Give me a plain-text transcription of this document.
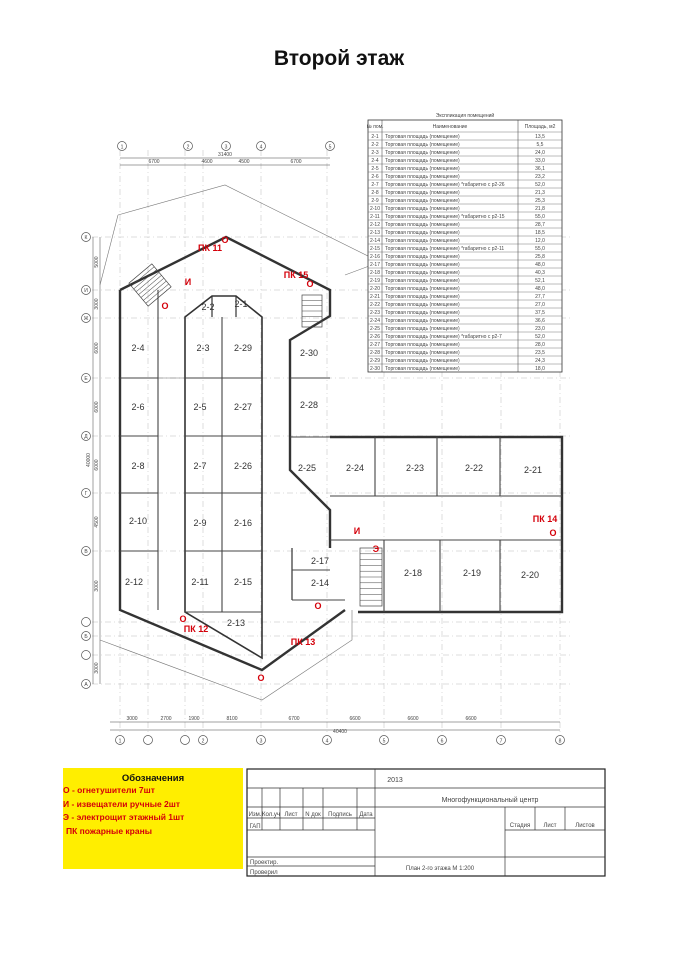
Второй этаж
1	2	3	4	5
1	2	3	4	5	6	7	8
К
И
Ж
Е
Д
Г
В
Б
А
31400
6700	4600	4500	6700
3000	2700	1900	8100	6700	6600	6600	6600
40400
5000
3000
6000
6000
6000
4500
3000
3000
40000
2-1
2-2
2-3
2-4
2-5
2-6
2-7
2-8
2-9
2-10
2-11
2-12
2-13
2-14
2-15
2-16
2-17
2-18	2-19	2-20
2-21
2-22
2-23
2-24
2-25
2-26
2-27	2-28
2-29	2-30
ПК 11
О
И
О
ПК 15
О
И
Э
ПК 14
О
О
ПК 12
О
ПК 13
О
Экспликация помещений
№ пом.	Наименование	Площадь, м2
2-1 Торговая площадь (помещение)	13,5
2-2 Торговая площадь (помещение)	5,5
2-3 Торговая площадь (помещение)	24,0
2-4 Торговая площадь (помещение)	33,0
2-5 Торговая площадь (помещение)	36,1
2-6 Торговая площадь (помещение)	23,2
2-7 Торговая площадь (помещение) *габаритно с р2-26	52,0
2-8 Торговая площадь (помещение)	21,3
2-9 Торговая площадь (помещение)	25,3
2-10 Торговая площадь (помещение)	21,8
2-11 Торговая площадь (помещение) *габаритно с р2-15	55,0
2-12 Торговая площадь (помещение)	28,7
2-13 Торговая площадь (помещение)	18,5
2-14 Торговая площадь (помещение)	12,0
2-15 Торговая площадь (помещение) *габаритно с р2-11	55,0
2-16 Торговая площадь (помещение)	25,8
2-17 Торговая площадь (помещение)	48,0
2-18 Торговая площадь (помещение)	40,3
2-19 Торговая площадь (помещение)	52,1
2-20 Торговая площадь (помещение)	48,0
2-21 Торговая площадь (помещение)	27,7
2-22 Торговая площадь (помещение)	27,0
2-23 Торговая площадь (помещение)	37,5
2-24 Торговая площадь (помещение)	36,6
2-25 Торговая площадь (помещение)	23,0
2-26 Торговая площадь (помещение) *габаритно с р2-7	52,0
2-27 Торговая площадь (помещение)	28,0
2-28 Торговая площадь (помещение)	23,5
2-29 Торговая площадь (помещение)	24,3
2-30 Торговая площадь (помещение)	18,0
2013
Многофункциональный центр
Изм. Кол.уч Лист N док Подпись Дата
ГАП	Стадия Лист	Листов
Проектир.
Проверил
План 2-го этажа М 1:200
Обозначения
О - огнетушители 7шт
И - извещатели ручные 2шт
Э - электрощит этажный 1шт
ПК пожарные краны
